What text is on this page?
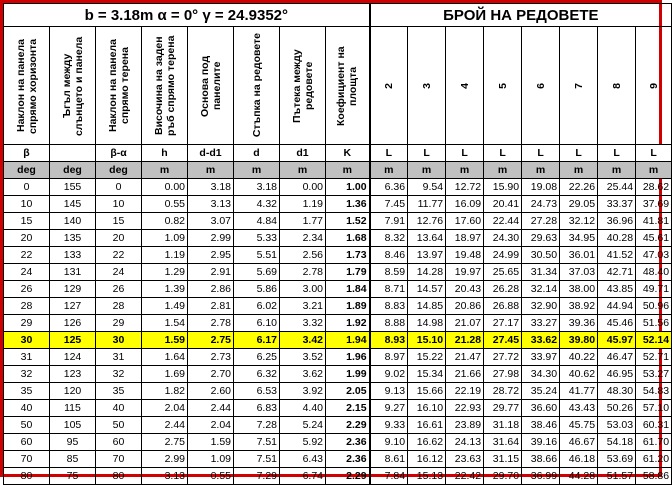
b = 3.18m α = 0° γ = 24.9352°								БРОЙ НА РЕДОВЕТЕ							

Наклон на панела спрямо хоризонта	Ъгъл между слънцето и панела	Наклон на панела спрямо терена	Височина на заден ръб спрямо терена	Основа под панелите	Стъпка на редовете	Пътека между редовете	Коефициент на площта	2	3	4	5	6	7	8	9

β		β-α	h	d-d1	d	d1	K	L	L	L	L	L	L	L	L
deg	deg	deg	m	m	m	m	m	m	m	m	m	m	m	m	m
0	155	0	0.00	3.18	3.18	0.00	1.00	6.36	9.54	12.72	15.90	19.08	22.26	25.44	28.62
10	145	10	0.55	3.13	4.32	1.19	1.36	7.45	11.77	16.09	20.41	24.73	29.05	33.37	37.69
15	140	15	0.82	3.07	4.84	1.77	1.52	7.91	12.76	17.60	22.44	27.28	32.12	36.96	41.81
20	135	20	1.09	2.99	5.33	2.34	1.68	8.32	13.64	18.97	24.30	29.63	34.95	40.28	45.61
22	133	22	1.19	2.95	5.51	2.56	1.73	8.46	13.97	19.48	24.99	30.50	36.01	41.52	47.03
24	131	24	1.29	2.91	5.69	2.78	1.79	8.59	14.28	19.97	25.65	31.34	37.03	42.71	48.40
26	129	26	1.39	2.86	5.86	3.00	1.84	8.71	14.57	20.43	26.28	32.14	38.00	43.85	49.71
28	127	28	1.49	2.81	6.02	3.21	1.89	8.83	14.85	20.86	26.88	32.90	38.92	44.94	50.96
29	126	29	1.54	2.78	6.10	3.32	1.92	8.88	14.98	21.07	27.17	33.27	39.36	45.46	51.56
30	125	30	1.59	2.75	6.17	3.42	1.94	8.93	15.10	21.28	27.45	33.62	39.80	45.97	52.14
31	124	31	1.64	2.73	6.25	3.52	1.96	8.97	15.22	21.47	27.72	33.97	40.22	46.47	52.71
32	123	32	1.69	2.70	6.32	3.62	1.99	9.02	15.34	21.66	27.98	34.30	40.62	46.95	53.27
35	120	35	1.82	2.60	6.53	3.92	2.05	9.13	15.66	22.19	28.72	35.24	41.77	48.30	54.83
40	115	40	2.04	2.44	6.83	4.40	2.15	9.27	16.10	22.93	29.77	36.60	43.43	50.26	57.10
50	105	50	2.44	2.04	7.28	5.24	2.29	9.33	16.61	23.89	31.18	38.46	45.75	53.03	60.31
60	95	60	2.75	1.59	7.51	5.92	2.36	9.10	16.62	24.13	31.64	39.16	46.67	54.18	61.70
70	85	70	2.99	1.09	7.51	6.43	2.36	8.61	16.12	23.63	31.15	38.66	46.18	53.69	61.20
80	75	80	3.13	0.55	7.29	6.74	2.29	7.84	15.13	22.42	29.70	36.99	44.28	51.57	58.86
